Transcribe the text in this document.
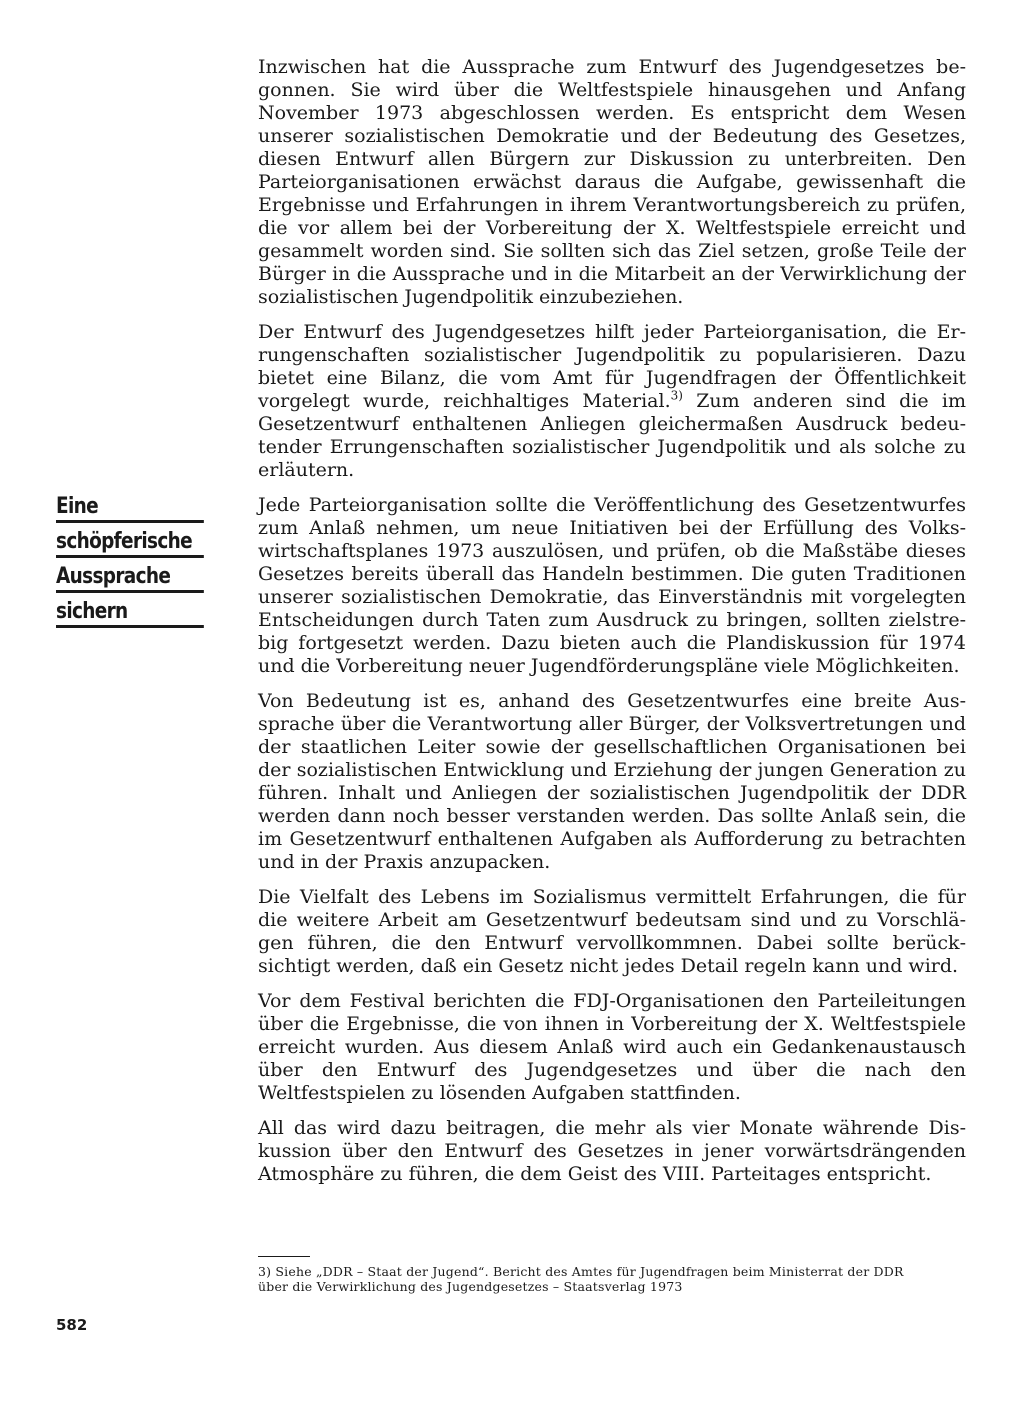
Inzwischen hat die Aussprache zum Entwurf des Jugendgesetzes begonnen. Sie wird über die Weltfestspiele hinausgehen und Anfang November 1973 abgeschlossen werden. Es entspricht dem Wesen unserer sozialistischen Demokratie und der Bedeutung des Gesetzes, diesen Entwurf allen Bürgern zur Diskussion zu unterbreiten. Den Parteiorganisationen erwächst daraus die Aufgabe, gewissenhaft die Ergebnisse und Erfahrungen in ihrem Verantwortungsbereich zu prüfen, die vor allem bei der Vorbereitung der X. Weltfestspiele erreicht und gesammelt worden sind. Sie sollten sich das Ziel setzen, große Teile der Bürger in die Aussprache und in die Mitarbeit an der Verwirklichung der sozialistischen Jugendpolitik einzubeziehen.

Der Entwurf des Jugendgesetzes hilft jeder Parteiorganisation, die Errungenschaften sozialistischer Jugendpolitik zu popularisieren. Dazu bietet eine Bilanz, die vom Amt für Jugendfragen der Öffentlichkeit vorgelegt wurde, reichhaltiges Material.$^{3)}$ Zum anderen sind die im Gesetzentwurf enthaltenen Anliegen gleichermaßen Ausdruck bedeutender Errungenschaften sozialistischer Jugendpolitik und als solche zu erläutern.

Jede Parteiorganisation sollte die Veröffentlichung des Gesetzentwurfes zum Anlaß nehmen, um neue Initiativen bei der Erfüllung des Volkswirtschaftsplanes 1973 auszulösen, und prüfen, ob die Maßstäbe dieses Gesetzes bereits überall das Handeln bestimmen. Die guten Traditionen unserer sozialistischen Demokratie, das Einverständnis mit vorgelegten Entscheidungen durch Taten zum Ausdruck zu bringen, sollten zielstrebig fortgesetzt werden. Dazu bieten auch die Plandiskussion für 1974 und die Vorbereitung neuer Jugendförderungspläne viele Möglichkeiten.

Von Bedeutung ist es, anhand des Gesetzentwurfes eine breite Aussprache über die Verantwortung aller Bürger, der Volksvertretungen und der staatlichen Leiter sowie der gesellschaftlichen Organisationen bei der sozialistischen Entwicklung und Erziehung der jungen Generation zu führen. Inhalt und Anliegen der sozialistischen Jugendpolitik der DDR werden dann noch besser verstanden werden. Das sollte Anlaß sein, die im Gesetzentwurf enthaltenen Aufgaben als Aufforderung zu betrachten und in der Praxis anzupacken.

Die Vielfalt des Lebens im Sozialismus vermittelt Erfahrungen, die für die weitere Arbeit am Gesetzentwurf bedeutsam sind und zu Vorschlägen führen, die den Entwurf vervollkommnen. Dabei sollte berücksichtigt werden, daß ein Gesetz nicht jedes Detail regeln kann und wird.

Vor dem Festival berichten die FDJ-Organisationen den Parteileitungen über die Ergebnisse, die von ihnen in Vorbereitung der X. Weltfestspiele erreicht wurden. Aus diesem Anlaß wird auch ein Gedankenaustausch über den Entwurf des Jugendgesetzes und über die nach den Weltfestspielen zu lösenden Aufgaben stattfinden.

All das wird dazu beitragen, die mehr als vier Monate währende Diskussion über den Entwurf des Gesetzes in jener vorwärtsdrängenden Atmosphäre zu führen, die dem Geist des VIII. Parteitages entspricht.

Eine
schöpferische
Aussprache
sichern
3) Siehe „DDR – Staat der Jugend“. Bericht des Amtes für Jugendfragen beim Ministerrat der DDR über die Verwirklichung des Jugendgesetzes – Staatsverlag 1973
582
